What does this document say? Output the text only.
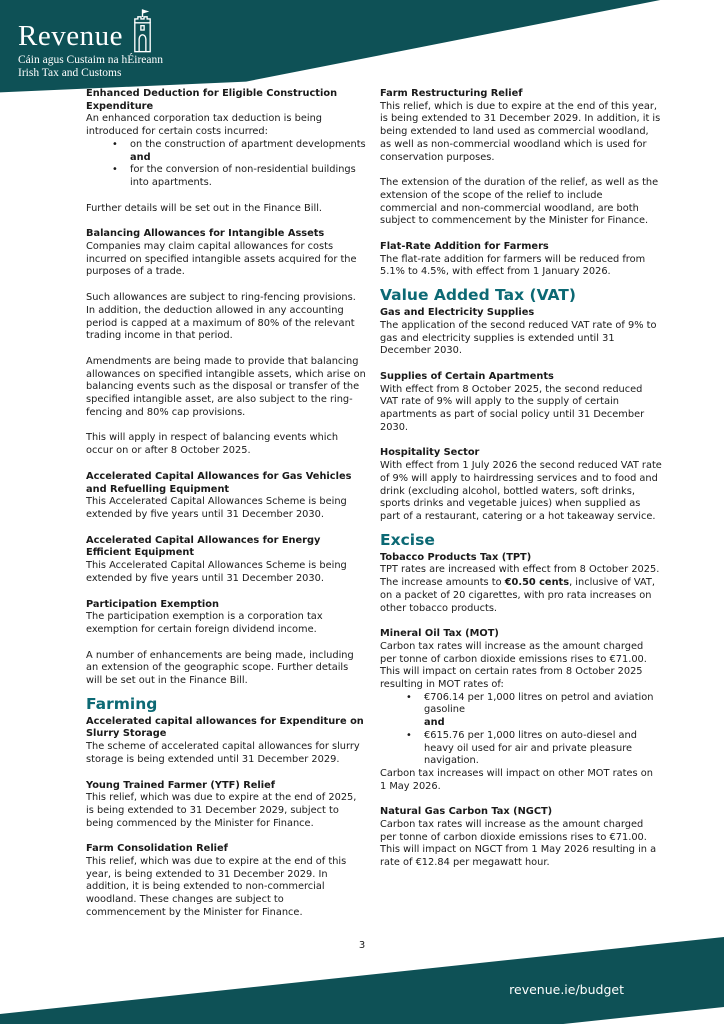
Revenue
Cáin agus Custaim na hÉireann
Irish Tax and Customs
Enhanced Deduction for Eligible Construction Expenditure

An enhanced corporation tax deduction is being introduced for certain costs incurred:

• on the construction of apartment developments
and
• for the conversion of non-residential buildings into apartments.

Further details will be set out in the Finance Bill.

Balancing Allowances for Intangible Assets

Companies may claim capital allowances for costs incurred on specified intangible assets acquired for the purposes of a trade.

Such allowances are subject to ring-fencing provisions. In addition, the deduction allowed in any accounting period is capped at a maximum of 80% of the relevant trading income in that period.

Amendments are being made to provide that balancing allowances on specified intangible assets, which arise on balancing events such as the disposal or transfer of the specified intangible asset, are also subject to the ring-fencing and 80% cap provisions.

This will apply in respect of balancing events which occur on or after 8 October 2025.

Accelerated Capital Allowances for Gas Vehicles and Refuelling Equipment

This Accelerated Capital Allowances Scheme is being extended by five years until 31 December 2030.

Accelerated Capital Allowances for Energy Efficient Equipment

This Accelerated Capital Allowances Scheme is being extended by five years until 31 December 2030.

Participation Exemption

The participation exemption is a corporation tax exemption for certain foreign dividend income.

A number of enhancements are being made, including an extension of the geographic scope. Further details will be set out in the Finance Bill.

Farming
Accelerated capital allowances for Expenditure on Slurry Storage

The scheme of accelerated capital allowances for slurry storage is being extended until 31 December 2029.

Young Trained Farmer (YTF) Relief

This relief, which was due to expire at the end of 2025, is being extended to 31 December 2029, subject to being commenced by the Minister for Finance.

Farm Consolidation Relief

This relief, which was due to expire at the end of this year, is being extended to 31 December 2029. In addition, it is being extended to non-commercial woodland. These changes are subject to commencement by the Minister for Finance.

Farm Restructuring Relief

This relief, which is due to expire at the end of this year, is being extended to 31 December 2029. In addition, it is being extended to land used as commercial woodland, as well as non-commercial woodland which is used for conservation purposes.

The extension of the duration of the relief, as well as the extension of the scope of the relief to include commercial and non-commercial woodland, are both subject to commencement by the Minister for Finance.

Flat-Rate Addition for Farmers

The flat-rate addition for farmers will be reduced from 5.1% to 4.5%, with effect from 1 January 2026.

Value Added Tax (VAT)
Gas and Electricity Supplies

The application of the second reduced VAT rate of 9% to gas and electricity supplies is extended until 31 December 2030.

Supplies of Certain Apartments

With effect from 8 October 2025, the second reduced VAT rate of 9% will apply to the supply of certain apartments as part of social policy until 31 December 2030.

Hospitality Sector

With effect from 1 July 2026 the second reduced VAT rate of 9% will apply to hairdressing services and to food and drink (excluding alcohol, bottled waters, soft drinks, sports drinks and vegetable juices) when supplied as part of a restaurant, catering or a hot takeaway service.

Excise
Tobacco Products Tax (TPT)

TPT rates are increased with effect from 8 October 2025. The increase amounts to €0.50 cents, inclusive of VAT, on a packet of 20 cigarettes, with pro rata increases on other tobacco products.

Mineral Oil Tax (MOT)

Carbon tax rates will increase as the amount charged per tonne of carbon dioxide emissions rises to €71.00. This will impact on certain rates from 8 October 2025 resulting in MOT rates of:

• €706.14 per 1,000 litres on petrol and aviation gasoline
and
• €615.76 per 1,000 litres on auto-diesel and heavy oil used for air and private pleasure navigation.

Carbon tax increases will impact on other MOT rates on 1 May 2026.

Natural Gas Carbon Tax (NGCT)

Carbon tax rates will increase as the amount charged per tonne of carbon dioxide emissions rises to €71.00. This will impact on NGCT from 1 May 2026 resulting in a rate of €12.84 per megawatt hour.

3
revenue.ie/budget
